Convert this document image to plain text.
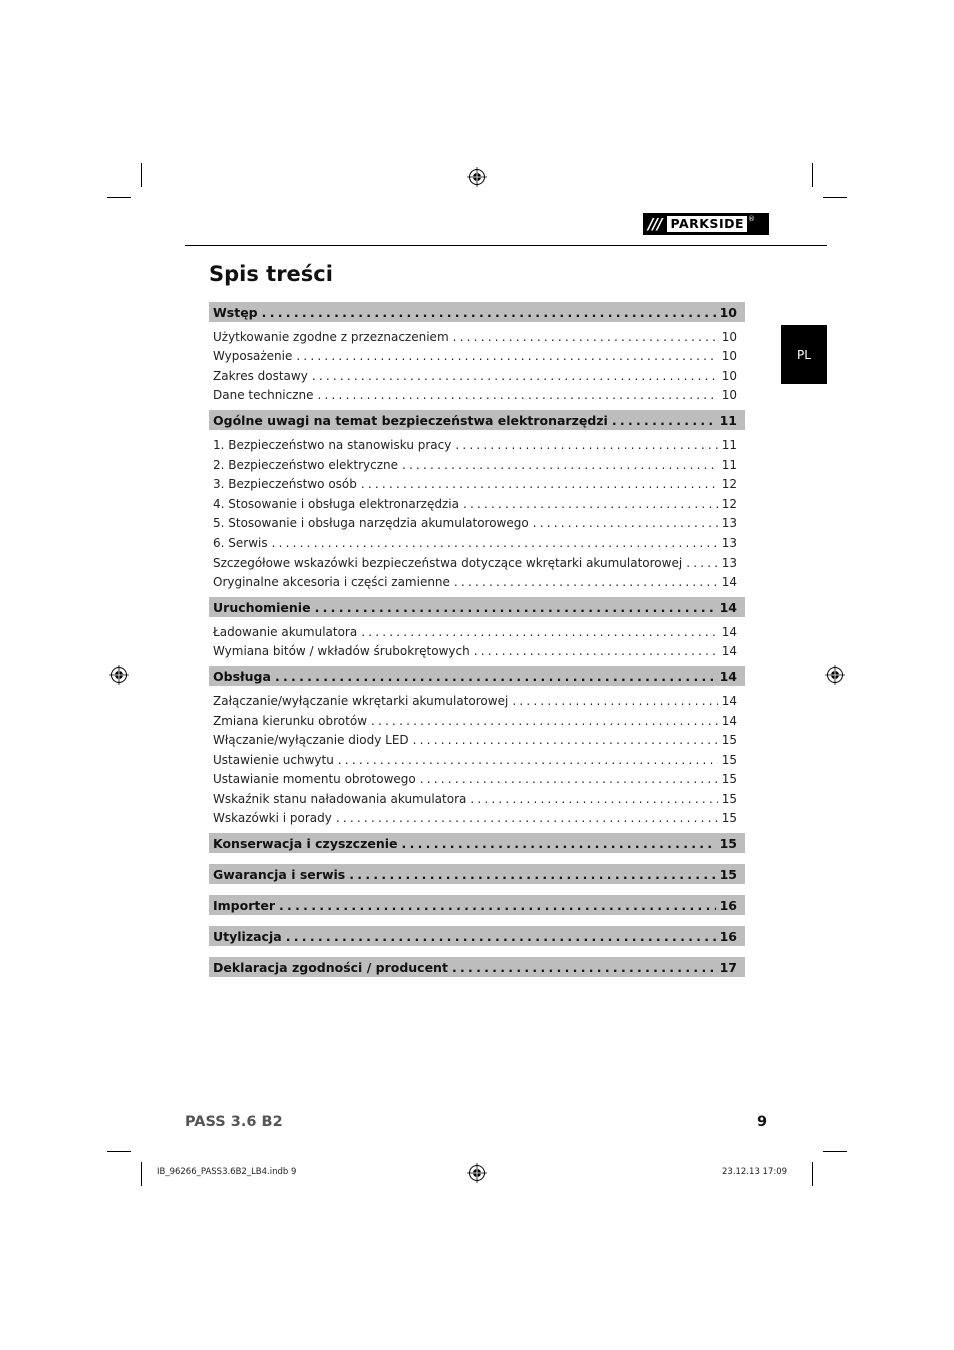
/// PARKSIDE ®
Spis treści
PL
Wstęp .....	10
Użytkowanie zgodne z przeznaczeniem .....	10
Wyposażenie .....	10
Zakres dostawy .....	10
Dane techniczne .....	10
Ogólne uwagi na temat bezpieczeństwa elektronarzędzi .....	11
1. Bezpieczeństwo na stanowisku pracy .....	11
2. Bezpieczeństwo elektryczne .....	11
3. Bezpieczeństwo osób .....	12
4. Stosowanie i obsługa elektronarzędzia .....	12
5. Stosowanie i obsługa narzędzia akumulatorowego .....	13
6. Serwis .....	13
Szczegółowe wskazówki bezpieczeństwa dotyczące wkrętarki akumulatorowej .....	13
Oryginalne akcesoria i części zamienne .....	14
Uruchomienie .....	14
Ładowanie akumulatora .....	14
Wymiana bitów / wkładów śrubokrętowych .....	14
Obsługa .....	14
Załączanie/wyłączanie wkrętarki akumulatorowej .....	14
Zmiana kierunku obrotów .....	14
Włączanie/wyłączanie diody LED .....	15
Ustawienie uchwytu .....	15
Ustawianie momentu obrotowego .....	15
Wskaźnik stanu naładowania akumulatora .....	15
Wskazówki i porady .....	15
Konserwacja i czyszczenie .....	15
Gwarancja i serwis .....	15
Importer .....	16
Utylizacja .....	16
Deklaracja zgodności / producent .....	17
PASS 3.6 B2	9
IB_96266_PASS3.6B2_LB4.indb 9	23.12.13 17:09
